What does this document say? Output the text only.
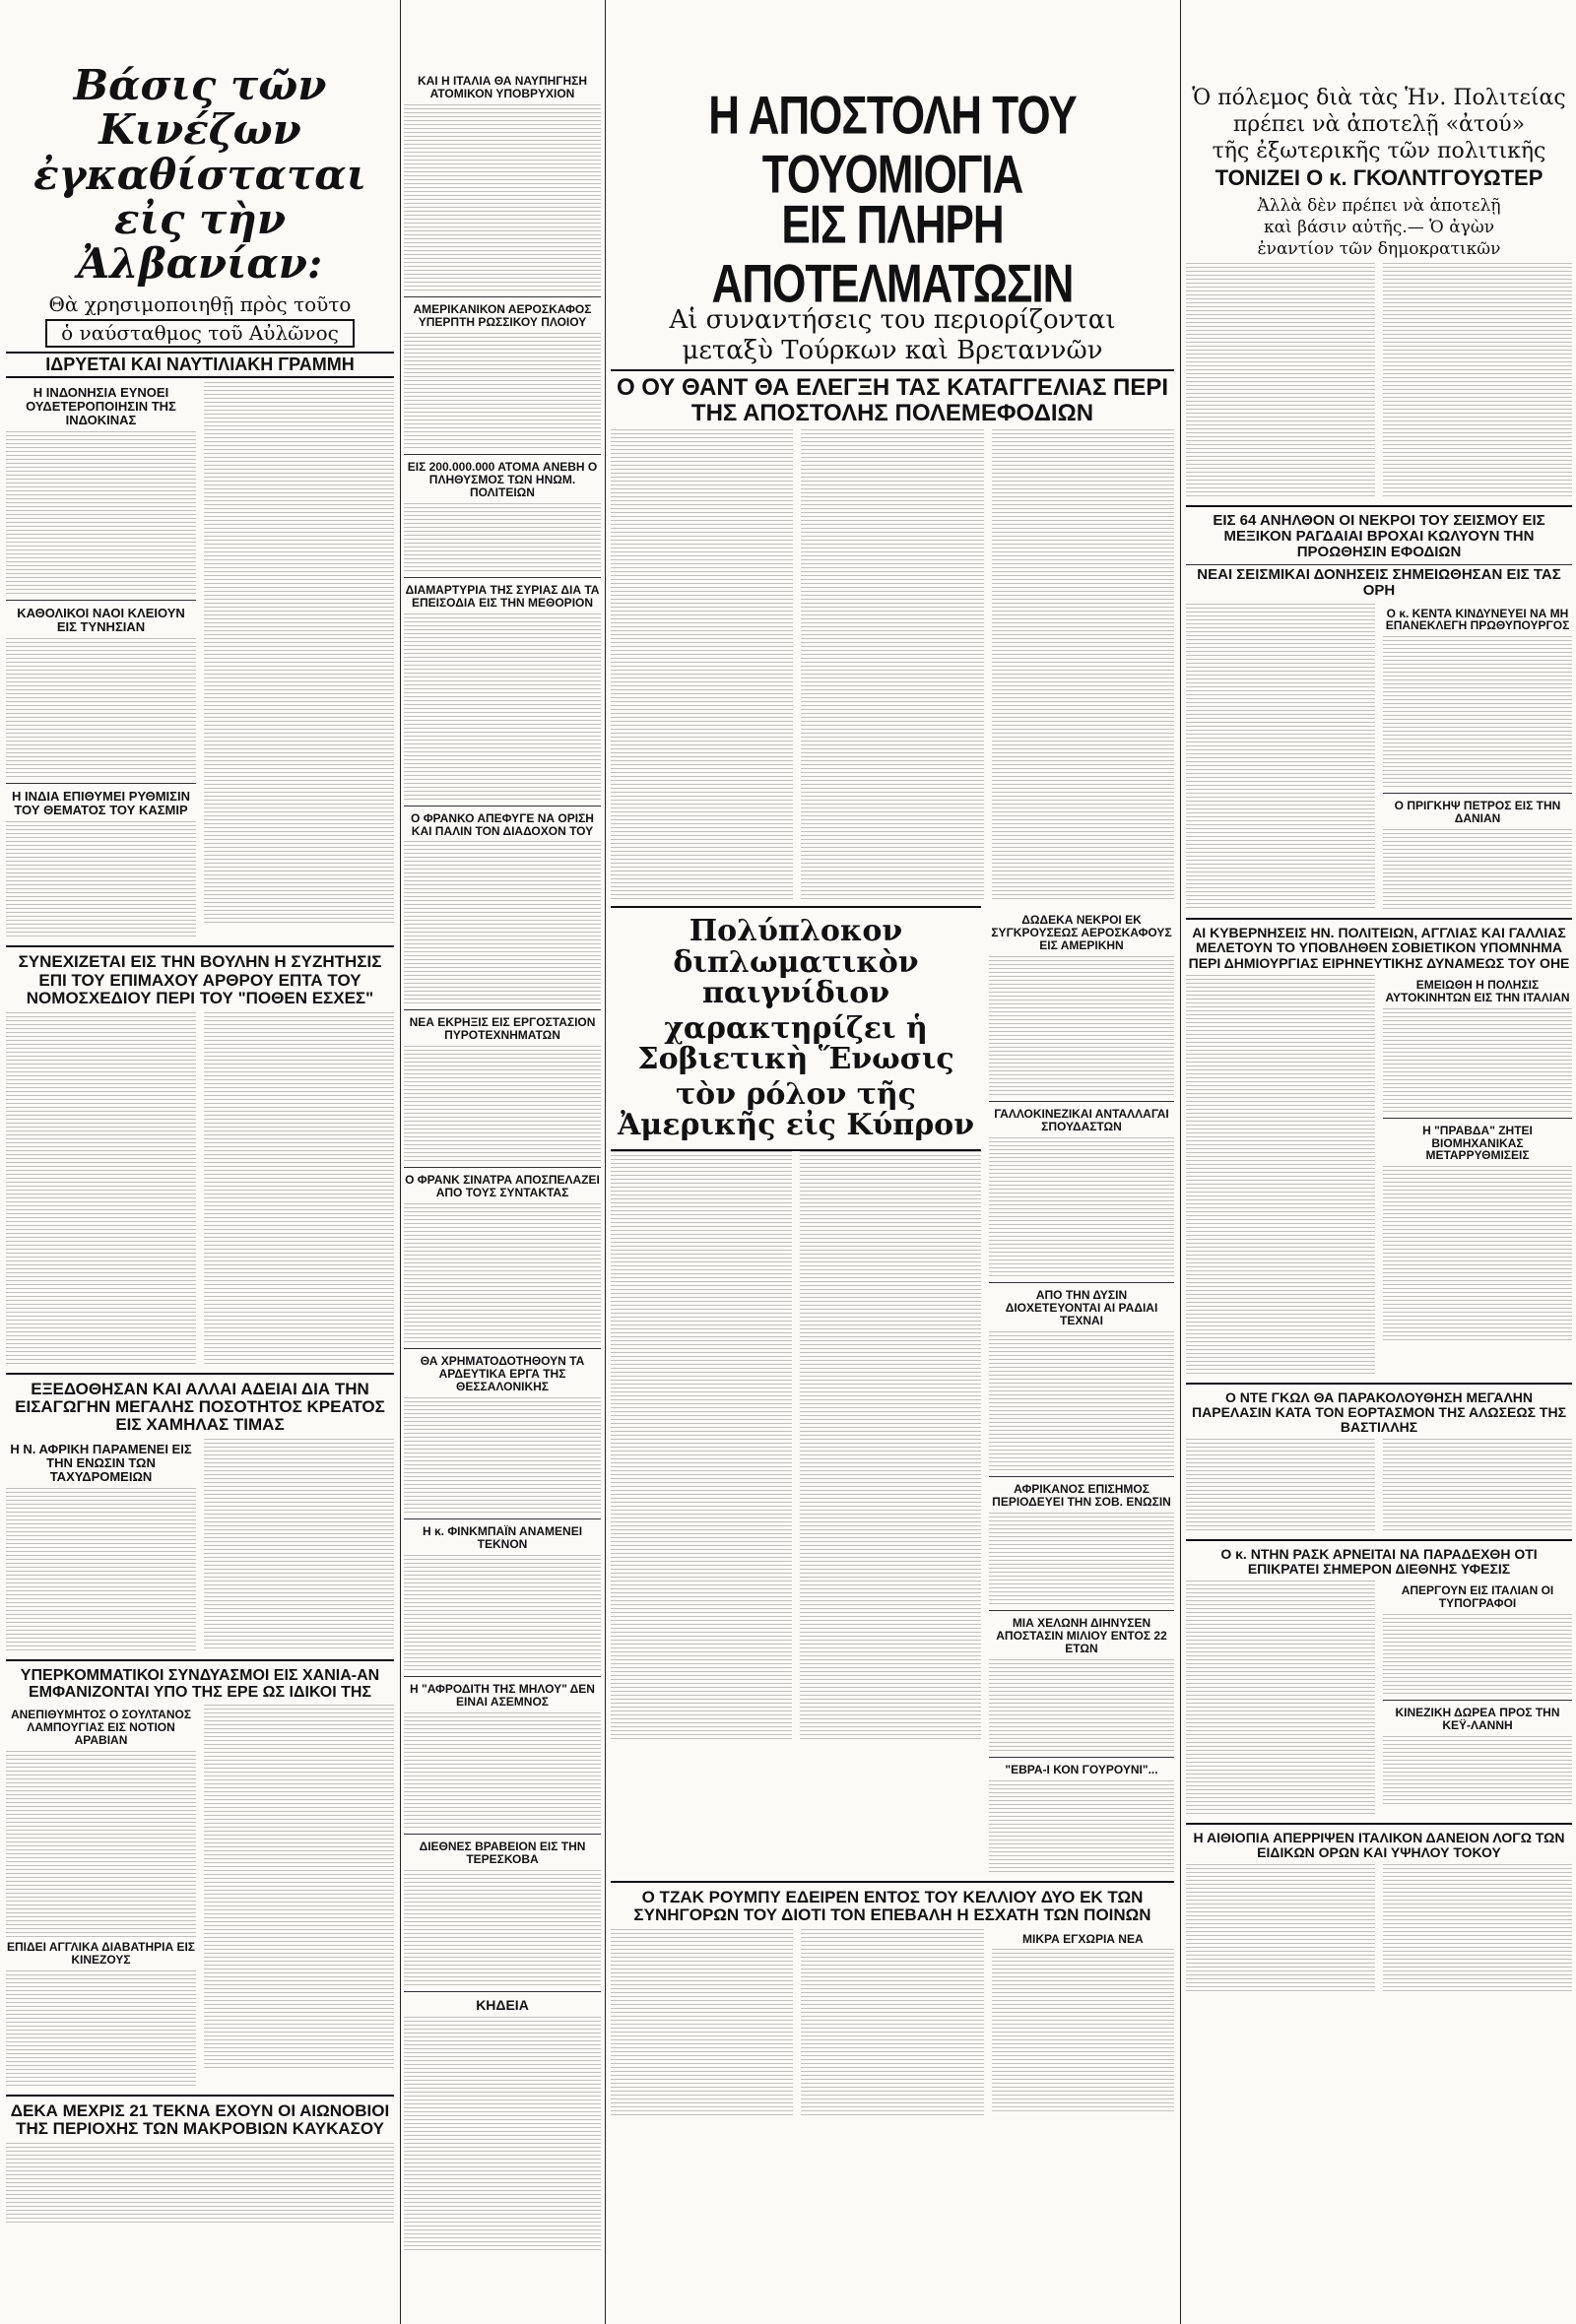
Βάσις τῶν Κινέζων ἐγκαθίσταται εἰς τὴν Ἀλβανίαν:
Θὰ χρησιμοποιηθῇ πρὸς τοῦτο
ὁ ναύσταθμος τοῦ Αὐλῶνος
ΙΔΡΥΕΤΑΙ ΚΑΙ ΝΑΥΤΙΛΙΑΚΗ ΓΡΑΜΜΗ
Η ΙΝΔΟΝΗΣΙΑ ΕΥΝΟΕΙ ΟΥΔΕΤΕΡΟΠΟΙΗΣΙΝ ΤΗΣ ΙΝΔΟΚΙΝΑΣ
ΚΑΘΟΛΙΚΟΙ ΝΑΟΙ ΚΛΕΙΟΥΝ ΕΙΣ ΤΥΝΗΣΙΑΝ
Η ΙΝΔΙΑ ΕΠΙΘΥΜΕΙ ΡΥΘΜΙΣΙΝ ΤΟΥ ΘΕΜΑΤΟΣ ΤΟΥ ΚΑΣΜΙΡ
ΣΥΝΕΧΙΖΕΤΑΙ ΕΙΣ ΤΗΝ ΒΟΥΛΗΝ Η ΣΥΖΗΤΗΣΙΣ ΕΠΙ ΤΟΥ ΕΠΙΜΑΧΟΥ ΑΡΘΡΟΥ ΕΠΤΑ ΤΟΥ ΝΟΜΟΣΧΕΔΙΟΥ ΠΕΡΙ ΤΟΥ "ΠΟΘΕΝ ΕΣΧΕΣ"
ΕΞΕΔΟΘΗΣΑΝ ΚΑΙ ΑΛΛΑΙ ΑΔΕΙΑΙ ΔΙΑ ΤΗΝ ΕΙΣΑΓΩΓΗΝ ΜΕΓΑΛΗΣ ΠΟΣΟΤΗΤΟΣ ΚΡΕΑΤΟΣ ΕΙΣ ΧΑΜΗΛΑΣ ΤΙΜΑΣ
Η Ν. ΑΦΡΙΚΗ ΠΑΡΑΜΕΝΕΙ ΕΙΣ ΤΗΝ ΕΝΩΣΙΝ ΤΩΝ ΤΑΧΥΔΡΟΜΕΙΩΝ
ΥΠΕΡΚΟΜΜΑΤΙΚΟΙ ΣΥΝΔΥΑΣΜΟΙ ΕΙΣ ΧΑΝΙΑ-ΑΝ ΕΜΦΑΝΙΖΟΝΤΑΙ ΥΠΟ ΤΗΣ ΕΡΕ ΩΣ ΙΔΙΚΟΙ ΤΗΣ
ΑΝΕΠΙΘΥΜΗΤΟΣ Ο ΣΟΥΛΤΑΝΟΣ ΛΑΜΠΟΥΓΙΑΣ ΕΙΣ ΝΟΤΙΟΝ ΑΡΑΒΙΑΝ
ΕΠΙΔΕΙ ΑΓΓΛΙΚΑ ΔΙΑΒΑΤΗΡΙΑ ΕΙΣ ΚΙΝΕΖΟΥΣ
ΔΕΚΑ ΜΕΧΡΙΣ 21 ΤΕΚΝΑ ΕΧΟΥΝ ΟΙ ΑΙΩΝΟΒΙΟΙ ΤΗΣ ΠΕΡΙΟΧΗΣ ΤΩΝ ΜΑΚΡΟΒΙΩΝ ΚΑΥΚΑΣΟΥ
ΚΑΙ Η ΙΤΑΛΙΑ ΘΑ ΝΑΥΠΗΓΗΣΗ ΑΤΟΜΙΚΟΝ ΥΠΟΒΡΥΧΙΟΝ
ΑΜΕΡΙΚΑΝΙΚΟΝ ΑΕΡΟΣΚΑΦΟΣ ΥΠΕΡΠΤΗ ΡΩΣΣΙΚΟΥ ΠΛΟΙΟΥ
ΕΙΣ 200.000.000 ΑΤΟΜΑ ΑΝΕΒΗ Ο ΠΛΗΘΥΣΜΟΣ ΤΩΝ ΗΝΩΜ. ΠΟΛΙΤΕΙΩΝ
ΔΙΑΜΑΡΤΥΡΙΑ ΤΗΣ ΣΥΡΙΑΣ ΔΙΑ ΤΑ ΕΠΕΙΣΟΔΙΑ ΕΙΣ ΤΗΝ ΜΕΘΟΡΙΟΝ
Ο ΦΡΑΝΚΟ ΑΠΕΦΥΓΕ ΝΑ ΟΡΙΣΗ ΚΑΙ ΠΑΛΙΝ ΤΟΝ ΔΙΑΔΟΧΟΝ ΤΟΥ
ΝΕΑ ΕΚΡΗΞΙΣ ΕΙΣ ΕΡΓΟΣΤΑΣΙΟΝ ΠΥΡΟΤΕΧΝΗΜΑΤΩΝ
Ο ΦΡΑΝΚ ΣΙΝΑΤΡΑ ΑΠΟΣΠΕΛΑΖΕΙ ΑΠΟ ΤΟΥΣ ΣΥΝΤΑΚΤΑΣ
ΘΑ ΧΡΗΜΑΤΟΔΟΤΗΘΟΥΝ ΤΑ ΑΡΔΕΥΤΙΚΑ ΕΡΓΑ ΤΗΣ ΘΕΣΣΑΛΟΝΙΚΗΣ
Η κ. ΦΙΝΚΜΠΑΪΝ ΑΝΑΜΕΝΕΙ ΤΕΚΝΟΝ
Η "ΑΦΡΟΔΙΤΗ ΤΗΣ ΜΗΛΟΥ" ΔΕΝ ΕΙΝΑΙ ΑΣΕΜΝΟΣ
ΔΙΕΘΝΕΣ ΒΡΑΒΕΙΟΝ ΕΙΣ ΤΗΝ ΤΕΡΕΣΚΟΒΑ
ΚΗΔΕΙΑ
Η ΑΠΟΣΤΟΛΗ ΤΟΥ ΤΟΥΟΜΙΟΓΙΑ
ΕΙΣ ΠΛΗΡΗ ΑΠΟΤΕΛΜΑΤΩΣΙΝ
Αἱ συναντήσεις του περιορίζονται
μεταξὺ Τούρκων καὶ Βρεταννῶν
Ο ΟΥ ΘΑΝΤ ΘΑ ΕΛΕΓΞΗ ΤΑΣ ΚΑΤΑΓΓΕΛΙΑΣ ΠΕΡΙ ΤΗΣ ΑΠΟΣΤΟΛΗΣ ΠΟΛΕΜΕΦΟΔΙΩΝ
Πολύπλοκον διπλωματικὸν παιγνίδιον
χαρακτηρίζει ἡ Σοβιετικὴ Ἕνωσις
τὸν ρόλον τῆς Ἀμερικῆς εἰς Κύπρον
ΔΩΔΕΚΑ ΝΕΚΡΟΙ ΕΚ ΣΥΓΚΡΟΥΣΕΩΣ ΑΕΡΟΣΚΑΦΟΥΣ ΕΙΣ ΑΜΕΡΙΚΗΝ
ΓΑΛΛΟΚΙΝΕΖΙΚΑΙ ΑΝΤΑΛΛΑΓΑΙ ΣΠΟΥΔΑΣΤΩΝ
ΑΠΟ ΤΗΝ ΔΥΣΙΝ ΔΙΟΧΕΤΕΥΟΝΤΑΙ ΑΙ ΡΑΔΙΑΙ ΤΕΧΝΑΙ
ΑΦΡΙΚΑΝΟΣ ΕΠΙΣΗΜΟΣ ΠΕΡΙΟΔΕΥΕΙ ΤΗΝ ΣΟΒ. ΕΝΩΣΙΝ
ΜΙΑ ΧΕΛΩΝΗ ΔΙΗΝΥΣΕΝ ΑΠΟΣΤΑΣΙΝ ΜΙΛΙΟΥ ΕΝΤΟΣ 22 ΕΤΩΝ
"ΕΒΡΑ-Ι ΚΟΝ ΓΟΥΡΟΥΝΙ"...
Ο ΤΖΑΚ ΡΟΥΜΠΥ ΕΔΕΙΡΕΝ ΕΝΤΟΣ ΤΟΥ ΚΕΛΛΙΟΥ ΔΥΟ ΕΚ ΤΩΝ ΣΥΝΗΓΟΡΩΝ ΤΟΥ ΔΙΟΤΙ ΤΟΝ ΕΠΕΒΑΛΗ Η ΕΣΧΑΤΗ ΤΩΝ ΠΟΙΝΩΝ
ΜΙΚΡΑ ΕΓΧΩΡΙΑ ΝΕΑ
Ὁ πόλεμος διὰ τὰς Ἡν. Πολιτείας
πρέπει νὰ ἀποτελῇ «ἀτού»
τῆς ἐξωτερικῆς τῶν πολιτικῆς
ΤΟΝΙΖΕΙ Ο κ. ΓΚΟΛΝΤΓΟΥΩΤΕΡ
Ἀλλὰ δὲν πρέπει νὰ ἀποτελῇ
καὶ βάσιν αὐτῆς.— Ὁ ἀγὼν
ἐναντίον τῶν δημοκρατικῶν
ΕΙΣ 64 ΑΝΗΛΘΟΝ ΟΙ ΝΕΚΡΟΙ ΤΟΥ ΣΕΙΣΜΟΥ ΕΙΣ ΜΕΞΙΚΟΝ ΡΑΓΔΑΙΑΙ ΒΡΟΧΑΙ ΚΩΛΥΟΥΝ ΤΗΝ ΠΡΟΩΘΗΣΙΝ ΕΦΟΔΙΩΝ
ΝΕΑΙ ΣΕΙΣΜΙΚΑΙ ΔΟΝΗΣΕΙΣ ΣΗΜΕΙΩΘΗΣΑΝ ΕΙΣ ΤΑΣ ΟΡΗ
Ο κ. ΚΕΝΤΑ ΚΙΝΔΥΝΕΥΕΙ ΝΑ ΜΗ ΕΠΑΝΕΚΛΕΓΗ ΠΡΩΘΥΠΟΥΡΓΟΣ
Ο ΠΡΙΓΚΗΨ ΠΕΤΡΟΣ ΕΙΣ ΤΗΝ ΔΑΝΙΑΝ
ΑΙ ΚΥΒΕΡΝΗΣΕΙΣ ΗΝ. ΠΟΛΙΤΕΙΩΝ, ΑΓΓΛΙΑΣ ΚΑΙ ΓΑΛΛΙΑΣ ΜΕΛΕΤΟΥΝ ΤΟ ΥΠΟΒΛΗΘΕΝ ΣΟΒΙΕΤΙΚΟΝ ΥΠΟΜΝΗΜΑ ΠΕΡΙ ΔΗΜΙΟΥΡΓΙΑΣ ΕΙΡΗΝΕΥΤΙΚΗΣ ΔΥΝΑΜΕΩΣ ΤΟΥ ΟΗΕ
ΕΜΕΙΩΘΗ Η ΠΟΛΗΣΙΣ ΑΥΤΟΚΙΝΗΤΩΝ ΕΙΣ ΤΗΝ ΙΤΑΛΙΑΝ
Η "ΠΡΑΒΔΑ" ΖΗΤΕΙ ΒΙΟΜΗΧΑΝΙΚΑΣ ΜΕΤΑΡΡΥΘΜΙΣΕΙΣ
Ο ΝΤΕ ΓΚΩΛ ΘΑ ΠΑΡΑΚΟΛΟΥΘΗΣΗ ΜΕΓΑΛΗΝ ΠΑΡΕΛΑΣΙΝ ΚΑΤΑ ΤΟΝ ΕΟΡΤΑΣΜΟΝ ΤΗΣ ΑΛΩΣΕΩΣ ΤΗΣ ΒΑΣΤΙΛΛΗΣ
Ο κ. ΝΤΗΝ ΡΑΣΚ ΑΡΝΕΙΤΑΙ ΝΑ ΠΑΡΑΔΕΧΘΗ ΟΤΙ ΕΠΙΚΡΑΤΕΙ ΣΗΜΕΡΟΝ ΔΙΕΘΝΗΣ ΥΦΕΣΙΣ
ΑΠΕΡΓΟΥΝ ΕΙΣ ΙΤΑΛΙΑΝ ΟΙ ΤΥΠΟΓΡΑΦΟΙ
ΚΙΝΕΖΙΚΗ ΔΩΡΕΑ ΠΡΟΣ ΤΗΝ ΚΕΫ-ΛΑΝΝΗ
Η ΑΙΘΙΟΠΙΑ ΑΠΕΡΡΙΨΕΝ ΙΤΑΛΙΚΟΝ ΔΑΝΕΙΟΝ ΛΟΓΩ ΤΩΝ ΕΙΔΙΚΩΝ ΟΡΩΝ ΚΑΙ ΥΨΗΛΟΥ ΤΟΚΟΥ
